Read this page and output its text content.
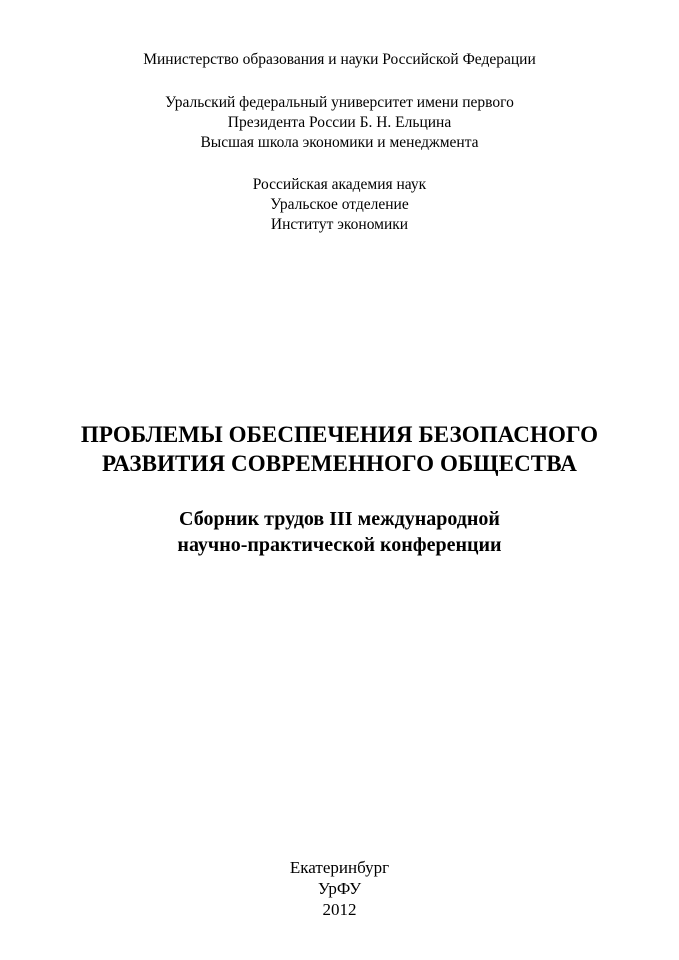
Министерство образования и науки Российской Федерации
Уральский федеральный университет имени первого
Президента России Б. Н. Ельцина
Высшая школа экономики и менеджмента
Российская академия наук
Уральское отделение
Институт экономики
ПРОБЛЕМЫ ОБЕСПЕЧЕНИЯ БЕЗОПАСНОГО
РАЗВИТИЯ СОВРЕМЕННОГО ОБЩЕСТВА
Сборник трудов III международной
научно-практической конференции
Екатеринбург
УрФУ
2012
